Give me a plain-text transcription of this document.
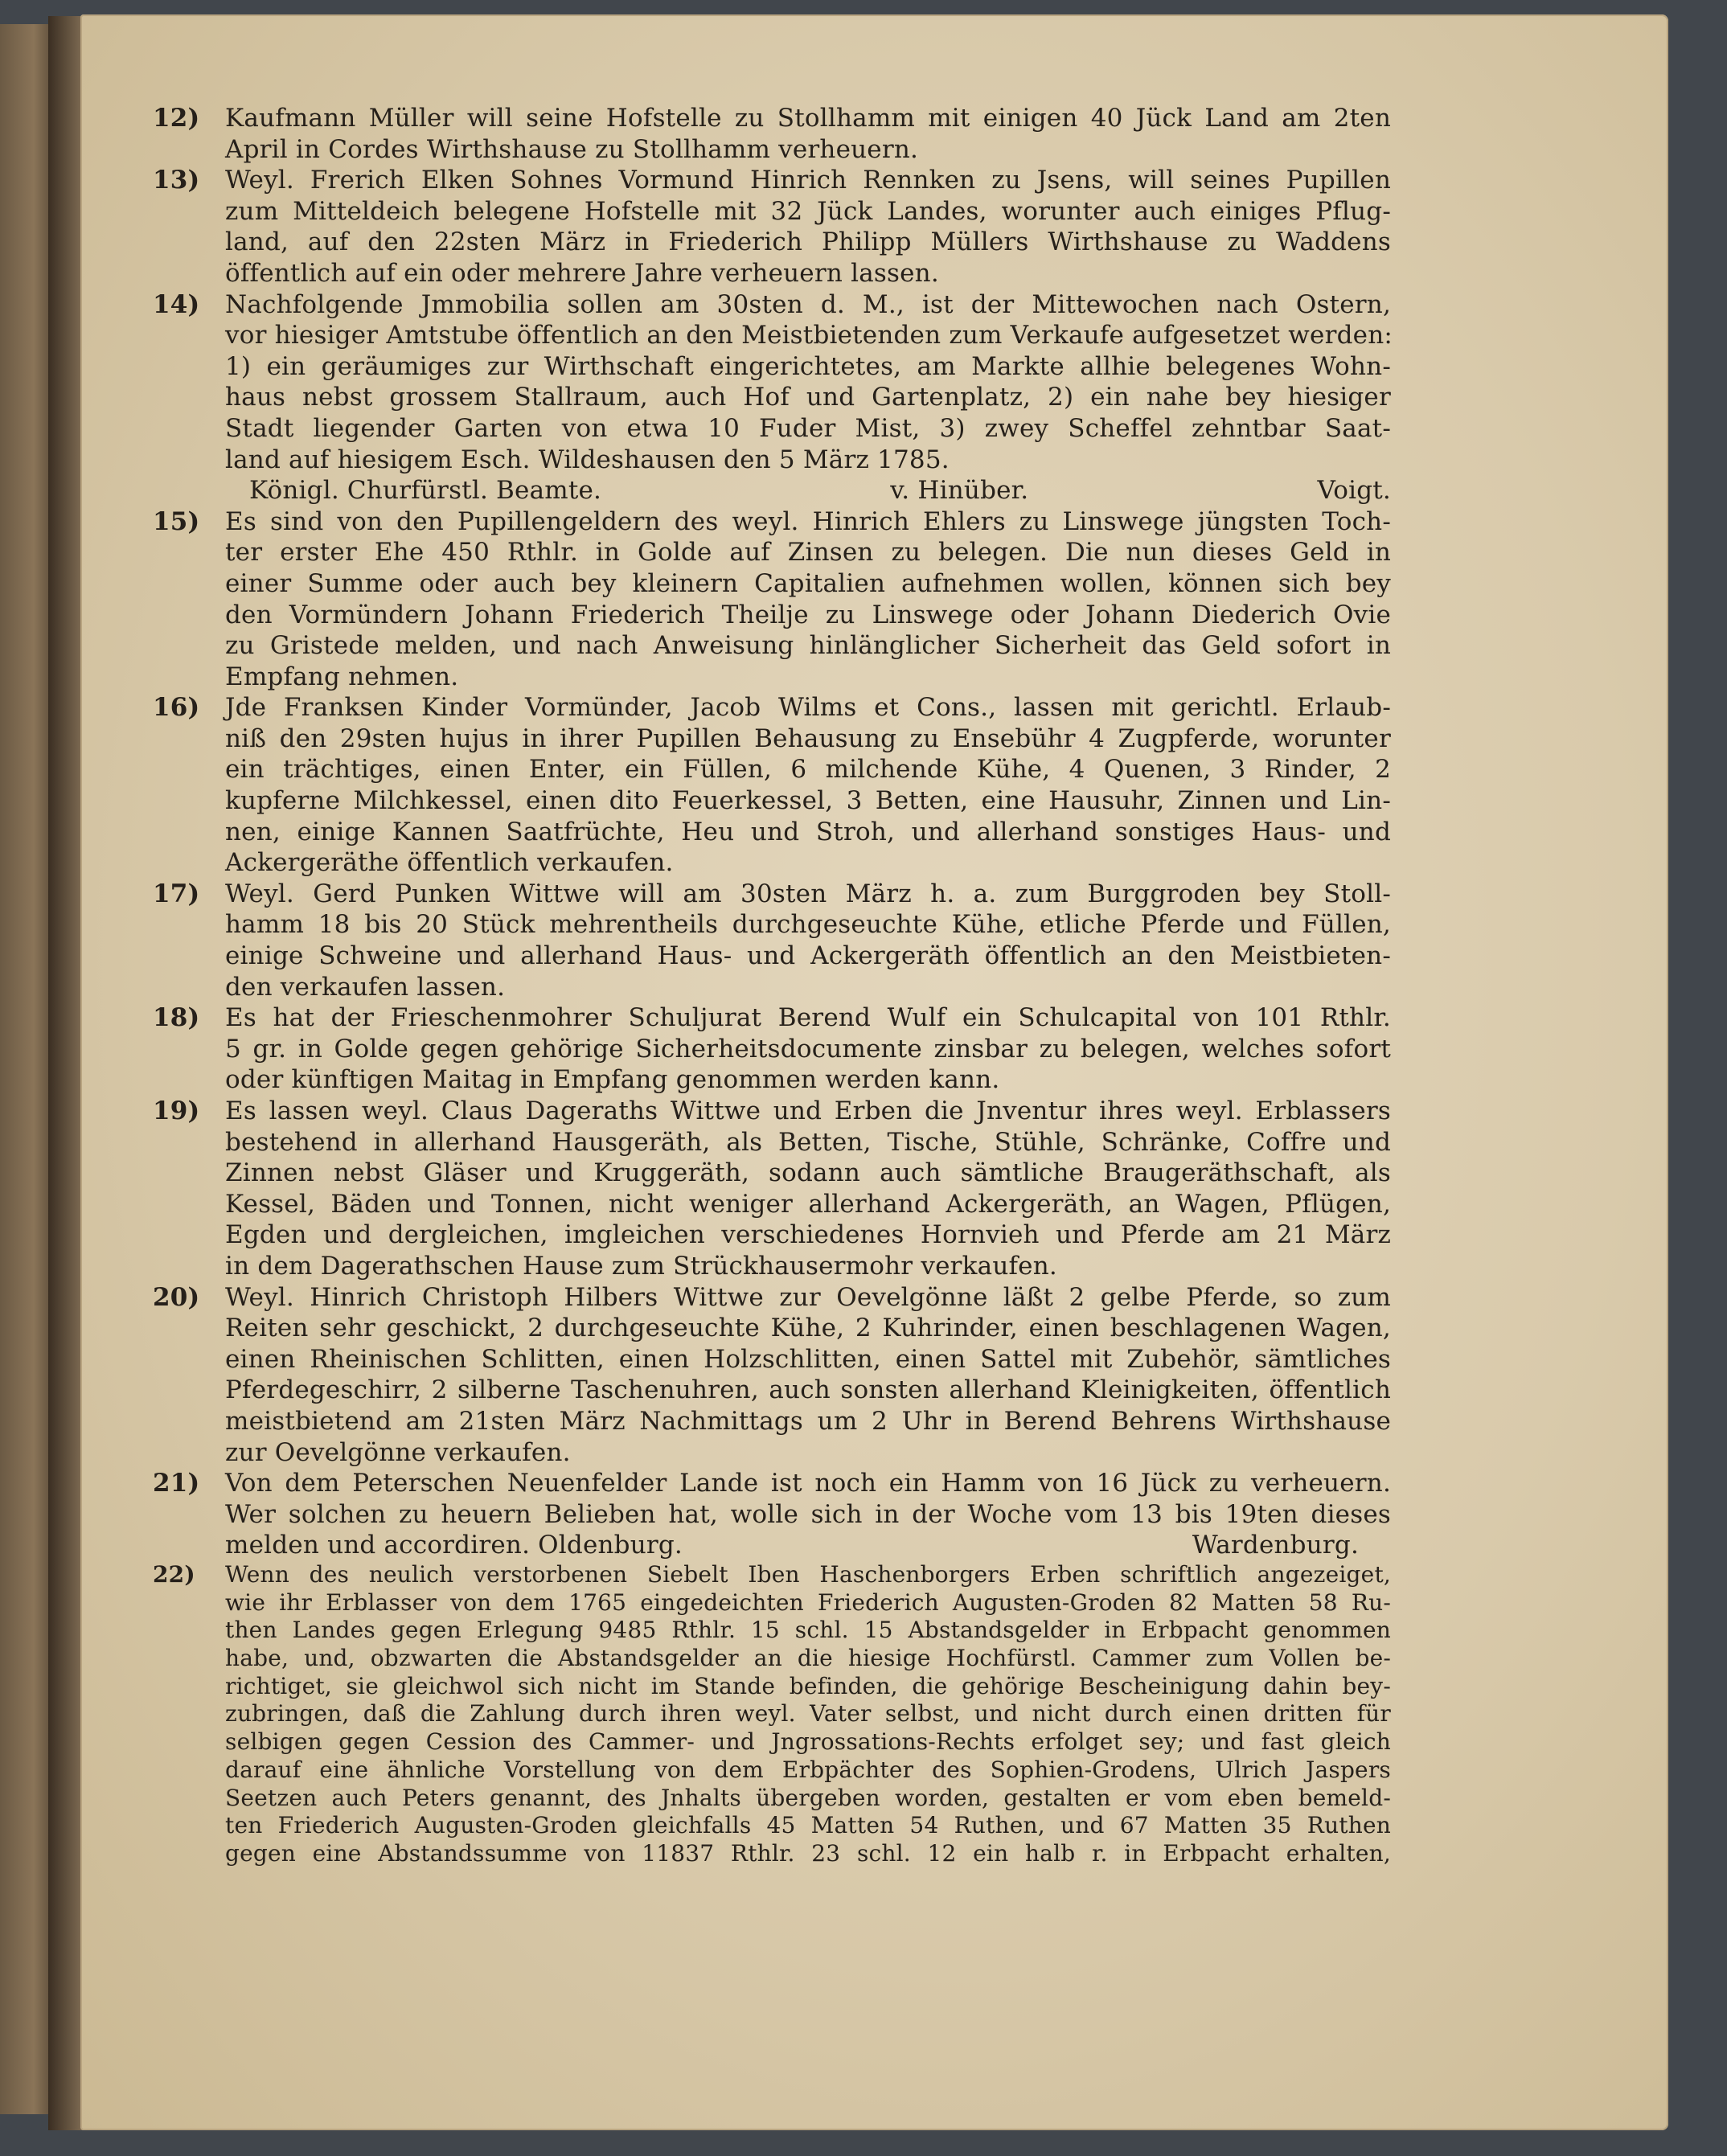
12)	Kaufmann Müller will seine Hofstelle zu Stollhamm mit einigen 40 Jück Land am 2ten
April in Cordes Wirthshause zu Stollhamm verheuern.
13)	Weyl. Frerich Elken Sohnes Vormund Hinrich Rennken zu Jsens, will seines Pupillen
zum Mitteldeich belegene Hofstelle mit 32 Jück Landes, worunter auch einiges Pflug-
land, auf den 22sten März in Friederich Philipp Müllers Wirthshause zu Waddens
öffentlich auf ein oder mehrere Jahre verheuern lassen.
14)	Nachfolgende Jmmobilia sollen am 30sten d. M., ist der Mittewochen nach Ostern,
vor hiesiger Amtstube öffentlich an den Meistbietenden zum Verkaufe aufgesetzet werden:
1) ein geräumiges zur Wirthschaft eingerichtetes, am Markte allhie belegenes Wohn-
haus nebst grossem Stallraum, auch Hof und Gartenplatz, 2) ein nahe bey hiesiger
Stadt liegender Garten von etwa 10 Fuder Mist, 3) zwey Scheffel zehntbar Saat-
land auf hiesigem Esch. Wildeshausen den 5 März 1785.
Königl. Churfürstl. Beamte.	v. Hinüber.	Voigt.
15)	Es sind von den Pupillengeldern des weyl. Hinrich Ehlers zu Linswege jüngsten Toch-
ter erster Ehe 450 Rthlr. in Golde auf Zinsen zu belegen. Die nun dieses Geld in
einer Summe oder auch bey kleinern Capitalien aufnehmen wollen, können sich bey
den Vormündern Johann Friederich Theilje zu Linswege oder Johann Diederich Ovie
zu Gristede melden, und nach Anweisung hinlänglicher Sicherheit das Geld sofort in
Empfang nehmen.
16)	Jde Franksen Kinder Vormünder, Jacob Wilms et Cons., lassen mit gerichtl. Erlaub-
niß den 29sten hujus in ihrer Pupillen Behausung zu Ensebühr 4 Zugpferde, worunter
ein trächtiges, einen Enter, ein Füllen, 6 milchende Kühe, 4 Quenen, 3 Rinder, 2
kupferne Milchkessel, einen dito Feuerkessel, 3 Betten, eine Hausuhr, Zinnen und Lin-
nen, einige Kannen Saatfrüchte, Heu und Stroh, und allerhand sonstiges Haus- und
Ackergeräthe öffentlich verkaufen.
17)	Weyl. Gerd Punken Wittwe will am 30sten März h. a. zum Burggroden bey Stoll-
hamm 18 bis 20 Stück mehrentheils durchgeseuchte Kühe, etliche Pferde und Füllen,
einige Schweine und allerhand Haus- und Ackergeräth öffentlich an den Meistbieten-
den verkaufen lassen.
18)	Es hat der Frieschenmohrer Schuljurat Berend Wulf ein Schulcapital von 101 Rthlr.
5 gr. in Golde gegen gehörige Sicherheitsdocumente zinsbar zu belegen, welches sofort
oder künftigen Maitag in Empfang genommen werden kann.
19)	Es lassen weyl. Claus Dageraths Wittwe und Erben die Jnventur ihres weyl. Erblassers
bestehend in allerhand Hausgeräth, als Betten, Tische, Stühle, Schränke, Coffre und
Zinnen nebst Gläser und Kruggeräth, sodann auch sämtliche Braugeräthschaft, als
Kessel, Bäden und Tonnen, nicht weniger allerhand Ackergeräth, an Wagen, Pflügen,
Egden und dergleichen, imgleichen verschiedenes Hornvieh und Pferde am 21 März
in dem Dagerathschen Hause zum Strückhausermohr verkaufen.
20)	Weyl. Hinrich Christoph Hilbers Wittwe zur Oevelgönne läßt 2 gelbe Pferde, so zum
Reiten sehr geschickt, 2 durchgeseuchte Kühe, 2 Kuhrinder, einen beschlagenen Wagen,
einen Rheinischen Schlitten, einen Holzschlitten, einen Sattel mit Zubehör, sämtliches
Pferdegeschirr, 2 silberne Taschenuhren, auch sonsten allerhand Kleinigkeiten, öffentlich
meistbietend am 21sten März Nachmittags um 2 Uhr in Berend Behrens Wirthshause
zur Oevelgönne verkaufen.
21)	Von dem Peterschen Neuenfelder Lande ist noch ein Hamm von 16 Jück zu verheuern.
Wer solchen zu heuern Belieben hat, wolle sich in der Woche vom 13 bis 19ten dieses
melden und accordiren. Oldenburg.	Wardenburg.
22)	Wenn des neulich verstorbenen Siebelt Iben Haschenborgers Erben schriftlich angezeiget,
wie ihr Erblasser von dem 1765 eingedeichten Friederich Augusten-Groden 82 Matten 58 Ru-
then Landes gegen Erlegung 9485 Rthlr. 15 schl. 15 Abstandsgelder in Erbpacht genommen
habe, und, obzwarten die Abstandsgelder an die hiesige Hochfürstl. Cammer zum Vollen be-
richtiget, sie gleichwol sich nicht im Stande befinden, die gehörige Bescheinigung dahin bey-
zubringen, daß die Zahlung durch ihren weyl. Vater selbst, und nicht durch einen dritten für
selbigen gegen Cession des Cammer- und Jngrossations-Rechts erfolget sey; und fast gleich
darauf eine ähnliche Vorstellung von dem Erbpächter des Sophien-Grodens, Ulrich Jaspers
Seetzen auch Peters genannt, des Jnhalts übergeben worden, gestalten er vom eben bemeld-
ten Friederich Augusten-Groden gleichfalls 45 Matten 54 Ruthen, und 67 Matten 35 Ruthen
gegen eine Abstandssumme von 11837 Rthlr. 23 schl. 12 ein halb r. in Erbpacht erhalten,
